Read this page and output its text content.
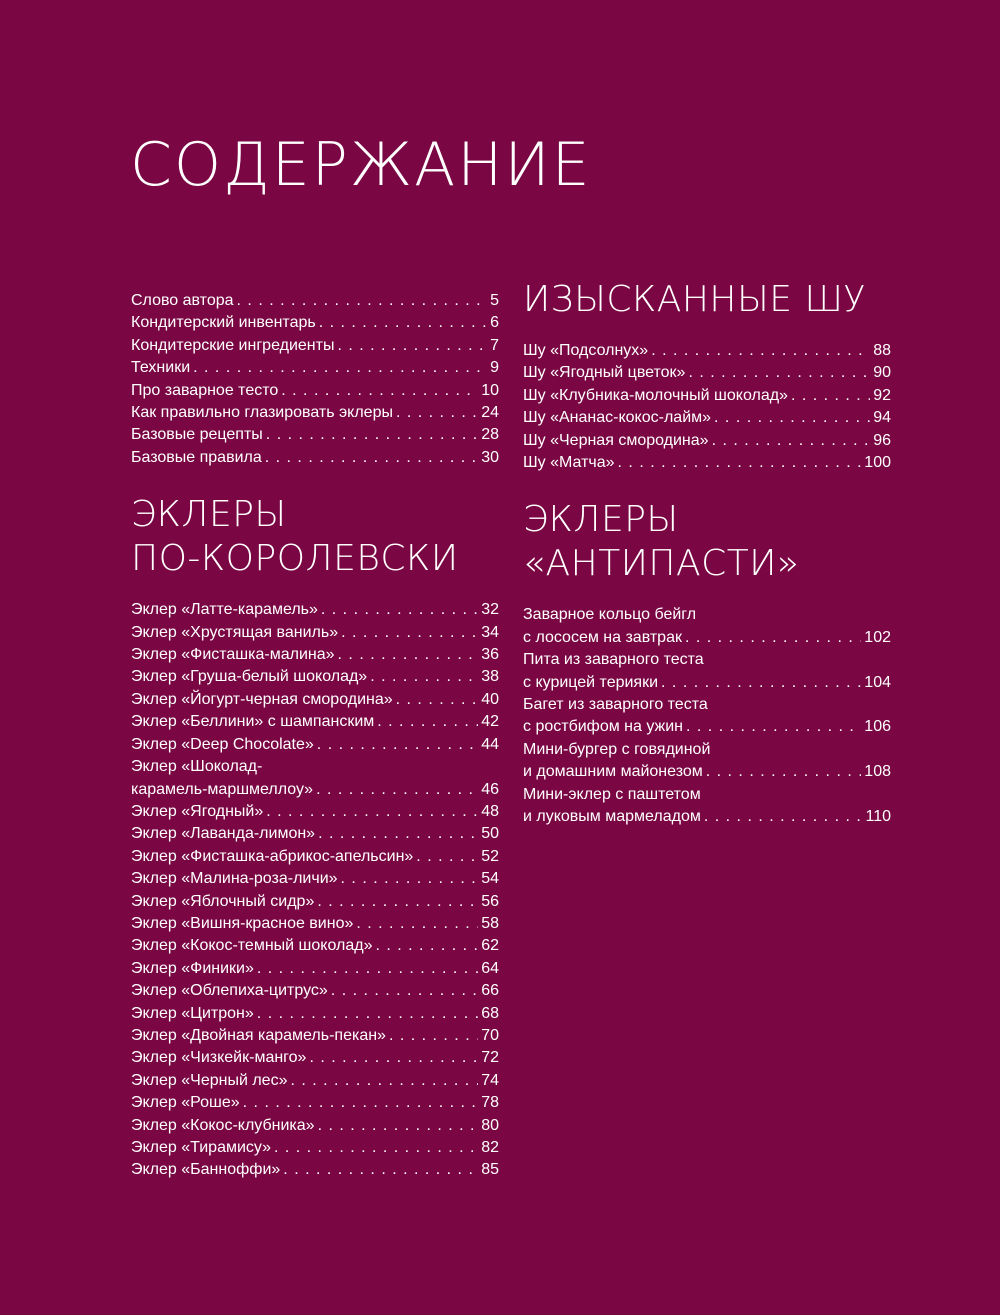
СОДЕРЖАНИЕ
Слово автора . . .	5
Кондитерский инвентарь . . .	6
Кондитерские ингредиенты . . .	7
Техники . . .	9
Про заварное тесто . . .	10
Как правильно глазировать эклеры . . .	24
Базовые рецепты . . .	28
Базовые правила . . .	30
ЭКЛЕРЫ
ПО-КОРОЛЕВСКИ
Эклер «Латте-карамель» . . .	32
Эклер «Хрустящая ваниль» . . .	34
Эклер «Фисташка-малина» . . .	36
Эклер «Груша-белый шоколад» . . .	38
Эклер «Йогурт-черная смородина» . . .	40
Эклер «Беллини» с шампанским . . .	42
Эклер «Deep Chocolate» . . .	44
Эклер «Шоколад-
карамель-маршмеллоу» . . .	46
Эклер «Ягодный» . . .	48
Эклер «Лаванда-лимон» . . .	50
Эклер «Фисташка-абрикос-апельсин» . . .	52
Эклер «Малина-роза-личи» . . .	54
Эклер «Яблочный сидр» . . .	56
Эклер «Вишня-красное вино» . . .	58
Эклер «Кокос-темный шоколад» . . .	62
Эклер «Финики» . . .	64
Эклер «Облепиха-цитрус» . . .	66
Эклер «Цитрон» . . .	68
Эклер «Двойная карамель-пекан» . . .	70
Эклер «Чизкейк-манго» . . .	72
Эклер «Черный лес» . . .	74
Эклер «Роше» . . .	78
Эклер «Кокос-клубника» . . .	80
Эклер «Тирамису» . . .	82
Эклер «Баннoффи» . . .	85
ИЗЫСКАННЫЕ ШУ
Шу «Подсолнух» . . .	88
Шу «Ягодный цветок» . . .	90
Шу «Клубника-молочный шоколад» . . .	92
Шу «Ананас-кокос-лайм» . . .	94
Шу «Черная смородина» . . .	96
Шу «Матча» . . .	100
ЭКЛЕРЫ
«АНТИПАСТИ»
Заварное кольцо бейгл
с лососем на завтрак . . .	102
Пита из заварного теста
с курицей терияки . . .	104
Багет из заварного теста
с ростбифом на ужин . . .	106
Мини-бургер с говядиной
и домашним майонезом . . .	108
Мини-эклер с паштетом
и луковым мармеладом . . .	110
